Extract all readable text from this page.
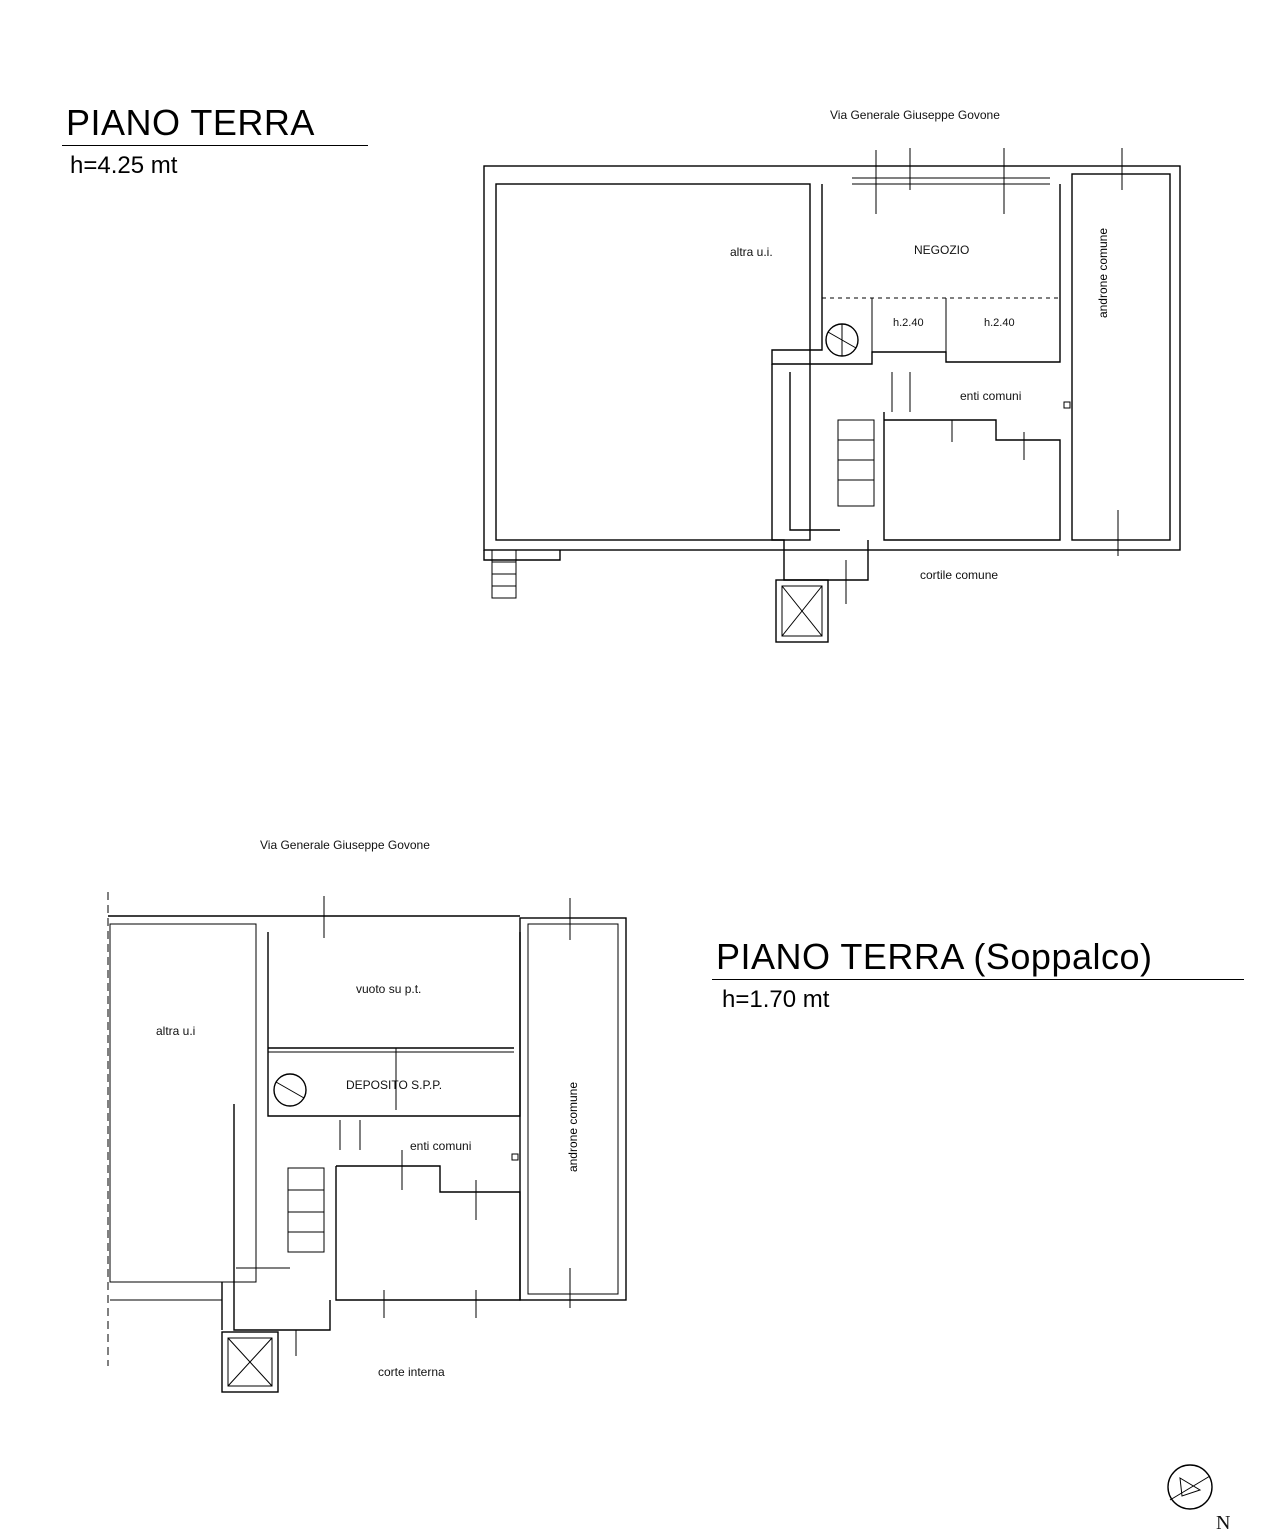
PIANO TERRA
h=4.25 mt
PIANO TERRA (Soppalco)
h=1.70 mt
Via Generale Giuseppe Govone
altra u.i.	NEGOZIO
h.2.40	h.2.40
enti comuni
androne comune
cortile comune
Via Generale Giuseppe Govone
altra u.i
vuoto su p.t.
DEPOSITO S.P.P.
enti comuni	androne comune
corte interna
N
